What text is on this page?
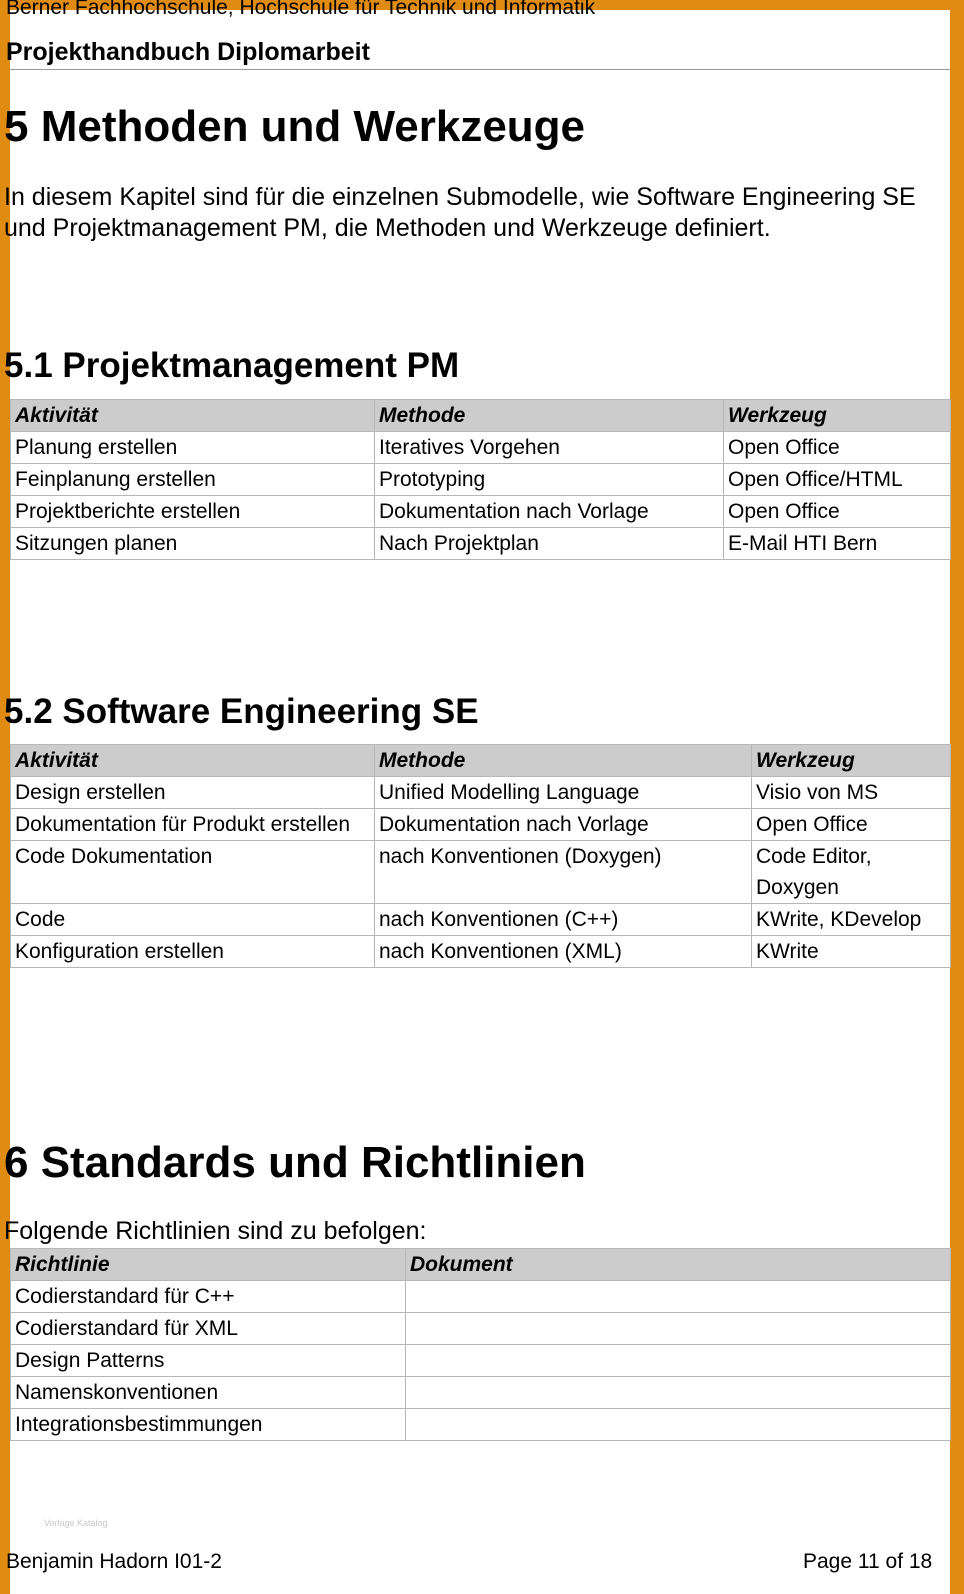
Berner Fachhochschule, Hochschule für Technik und Informatik
Projekthandbuch Diplomarbeit
5 Methoden und Werkzeuge
In diesem Kapitel sind für die einzelnen Submodelle, wie Software Engineering SE und Projektmanagement PM, die Methoden und Werkzeuge definiert.
5.1 Projektmanagement PM
Aktivität	Methode	Werkzeug
Planung erstellen	Iteratives Vorgehen	Open Office
Feinplanung erstellen	Prototyping	Open Office/HTML
Projektberichte erstellen	Dokumentation nach Vorlage	Open Office
Sitzungen planen	Nach Projektplan	E-Mail HTI Bern
5.2 Software Engineering SE
Aktivität	Methode	Werkzeug
Design erstellen	Unified Modelling Language	Visio von MS
Dokumentation für Produkt erstellen	Dokumentation nach Vorlage	Open Office
Code Dokumentation	nach Konventionen (Doxygen)	Code Editor, Doxygen
Code	nach Konventionen (C++)	KWrite, KDevelop
Konfiguration erstellen	nach Konventionen (XML)	KWrite
6 Standards und Richtlinien
Folgende Richtlinien sind zu befolgen:
Richtlinie	Dokument
Codierstandard für C++	
Codierstandard für XML	
Design Patterns	
Namenskonventionen	
Integrationsbestimmungen	
Vorlage Katalog
Benjamin Hadorn I01-2	Page 11 of 18
